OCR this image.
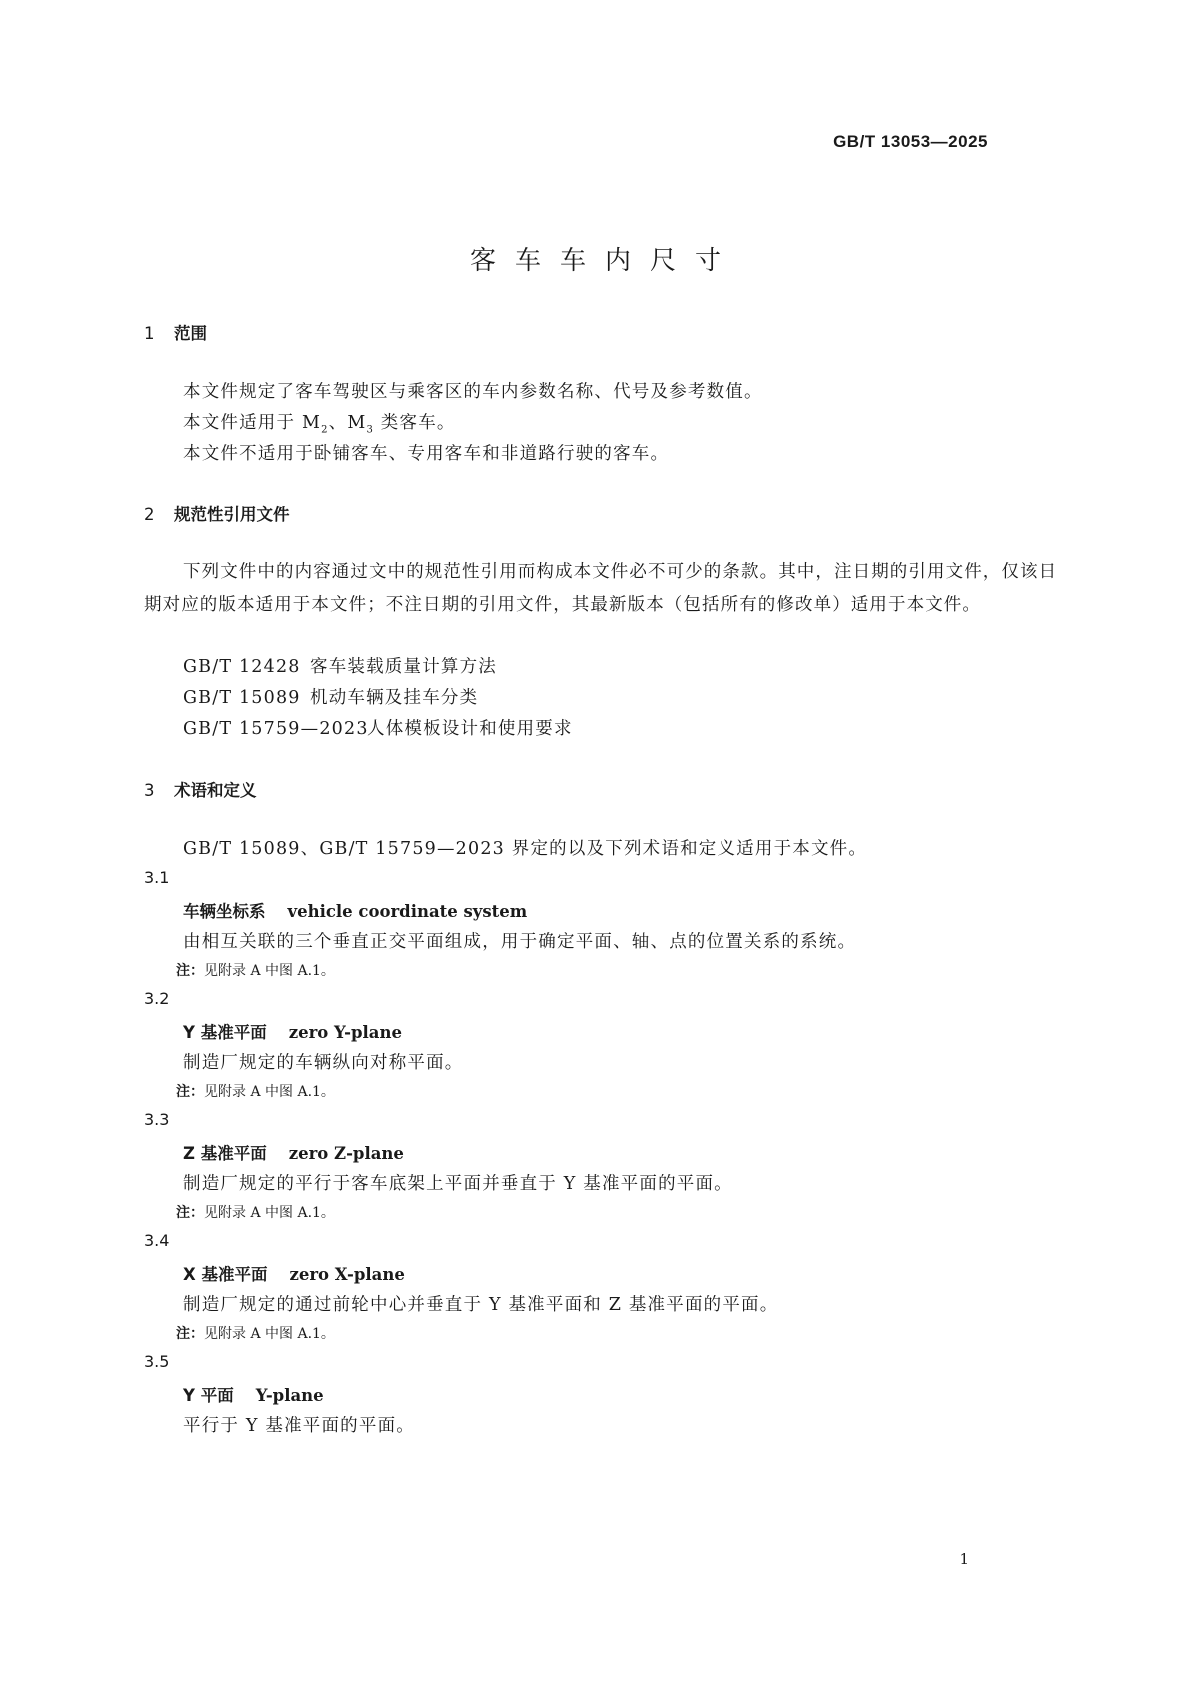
GB/T 13053—2025
客车车内尺寸
1 范围
本文件规定了客车驾驶区与乘客区的车内参数名称、代号及参考数值。
本文件适用于 $M_2$、$M_3$ 类客车。
本文件不适用于卧铺客车、专用客车和非道路行驶的客车。
2 规范性引用文件
下列文件中的内容通过文中的规范性引用而构成本文件必不可少的条款。其中，注日期的引用文件，仅该日期对应的版本适用于本文件；不注日期的引用文件，其最新版本（包括所有的修改单）适用于本文件。
GB/T 12428 客车装载质量计算方法
GB/T 15089 机动车辆及挂车分类
GB/T 15759—2023人体模板设计和使用要求
3 术语和定义
GB/T 15089、GB/T 15759—2023 界定的以及下列术语和定义适用于本文件。
3.1
车辆坐标系 vehicle coordinate system
由相互关联的三个垂直正交平面组成，用于确定平面、轴、点的位置关系的系统。
注：见附录 A 中图 A.1。
3.2
Y 基准平面 zero Y-plane
制造厂规定的车辆纵向对称平面。
注：见附录 A 中图 A.1。
3.3
Z 基准平面 zero Z-plane
制造厂规定的平行于客车底架上平面并垂直于 Y 基准平面的平面。
注：见附录 A 中图 A.1。
3.4
X 基准平面 zero X-plane
制造厂规定的通过前轮中心并垂直于 Y 基准平面和 Z 基准平面的平面。
注：见附录 A 中图 A.1。
3.5
Y 平面 Y-plane
平行于 Y 基准平面的平面。
1
